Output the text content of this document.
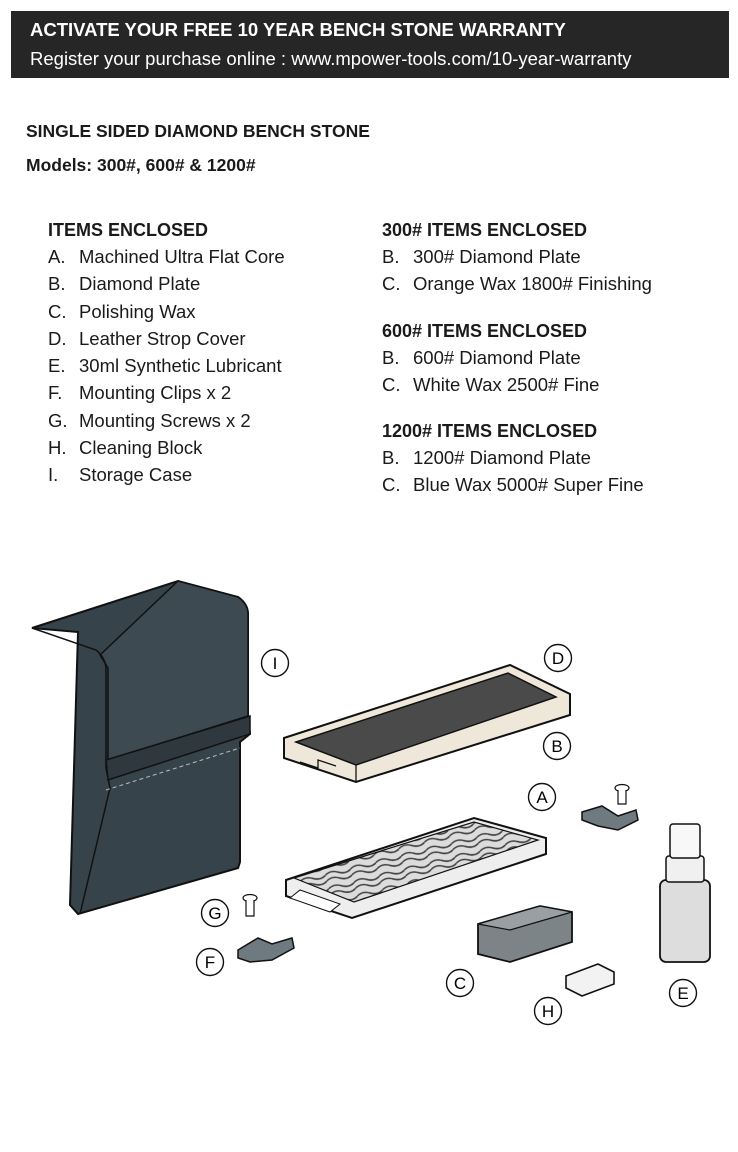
ACTIVATE YOUR FREE 10 YEAR BENCH STONE WARRANTY
Register your purchase online : www.mpower-tools.com/10-year-warranty
SINGLE SIDED DIAMOND BENCH STONE
Models: 300#, 600# & 1200#
ITEMS ENCLOSED
A. Machined Ultra Flat Core
B. Diamond Plate
C. Polishing Wax
D. Leather Strop Cover
E. 30ml Synthetic Lubricant
F. Mounting Clips x 2
G. Mounting Screws x 2
H. Cleaning Block
I. Storage Case
300# ITEMS ENCLOSED
B. 300# Diamond Plate
C. Orange Wax 1800# Finishing
600# ITEMS ENCLOSED
B. 600# Diamond Plate
C. White Wax 2500# Fine
1200# ITEMS ENCLOSED
B. 1200# Diamond Plate
C. Blue Wax 5000# Super Fine
I	D
B
A
G
F
C
H
E
